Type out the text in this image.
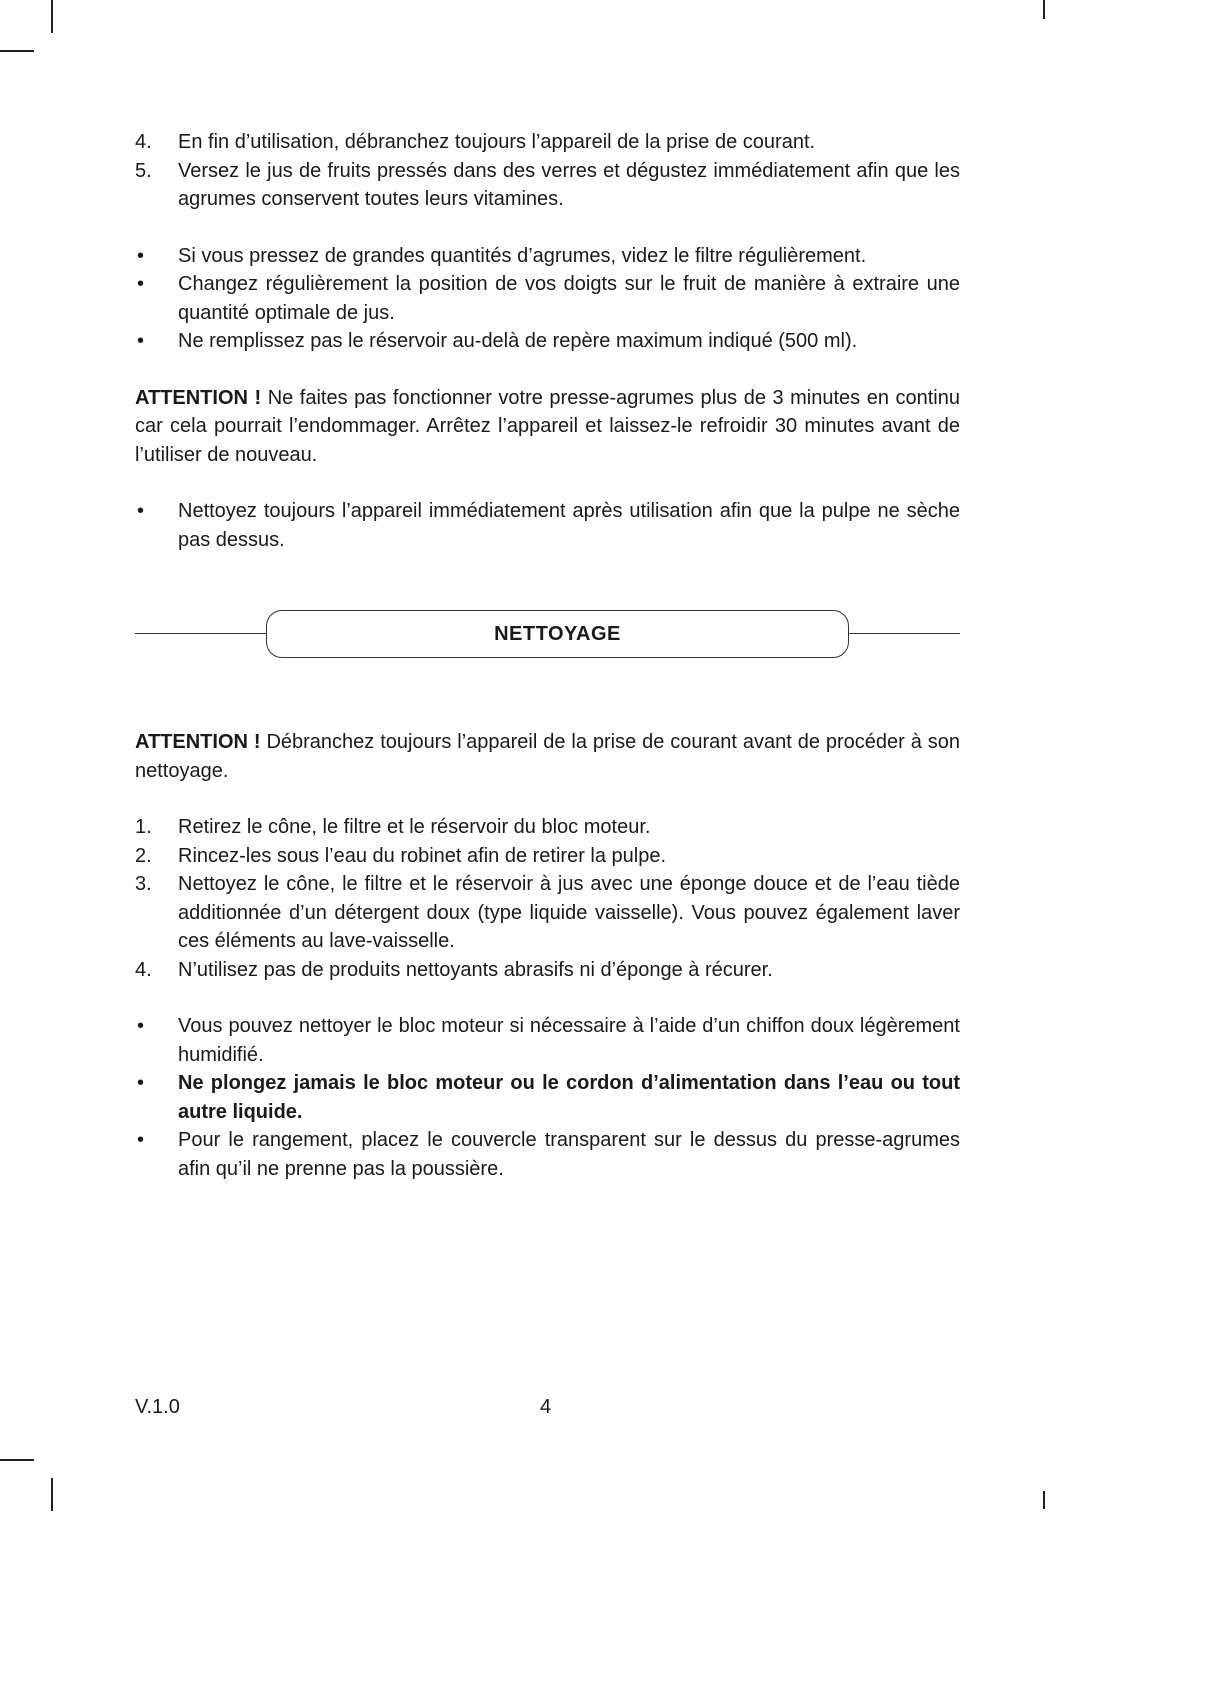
4.	En fin d’utilisation, débranchez toujours l’appareil de la prise de courant.
5.	Versez le jus de fruits pressés dans des verres et dégustez immédiatement afin que les agrumes conservent toutes leurs vitamines.
•	Si vous pressez de grandes quantités d’agrumes, videz le filtre régulièrement.
•	Changez régulièrement la position de vos doigts sur le fruit de manière à extraire une quantité optimale de jus.
•	Ne remplissez pas le réservoir au-delà de repère maximum indiqué (500 ml).
ATTENTION ! Ne faites pas fonctionner votre presse-agrumes plus de 3 minutes en continu car cela pourrait l’endommager. Arrêtez l’appareil et laissez-le refroidir 30 minutes avant de l’utiliser de nouveau.
•	Nettoyez toujours l’appareil immédiatement après utilisation afin que la pulpe ne sèche pas dessus.
NETTOYAGE
ATTENTION ! Débranchez toujours l’appareil de la prise de courant avant de procéder à son nettoyage.
1.	Retirez le cône, le filtre et le réservoir du bloc moteur.
2.	Rincez-les sous l’eau du robinet afin de retirer la pulpe.
3.	Nettoyez le cône, le filtre et le réservoir à jus avec une éponge douce et de l’eau tiède additionnée d’un détergent doux (type liquide vaisselle). Vous pouvez également laver ces éléments au lave-vaisselle.
4.	N’utilisez pas de produits nettoyants abrasifs ni d’éponge à récurer.
•	Vous pouvez nettoyer le bloc moteur si nécessaire à l’aide d’un chiffon doux légèrement humidifié.
•	Ne plongez jamais le bloc moteur ou le cordon d’alimentation dans l’eau ou tout autre liquide.
•	Pour le rangement, placez le couvercle transparent sur le dessus du presse-agrumes afin qu’il ne prenne pas la poussière.
V.1.0	4
